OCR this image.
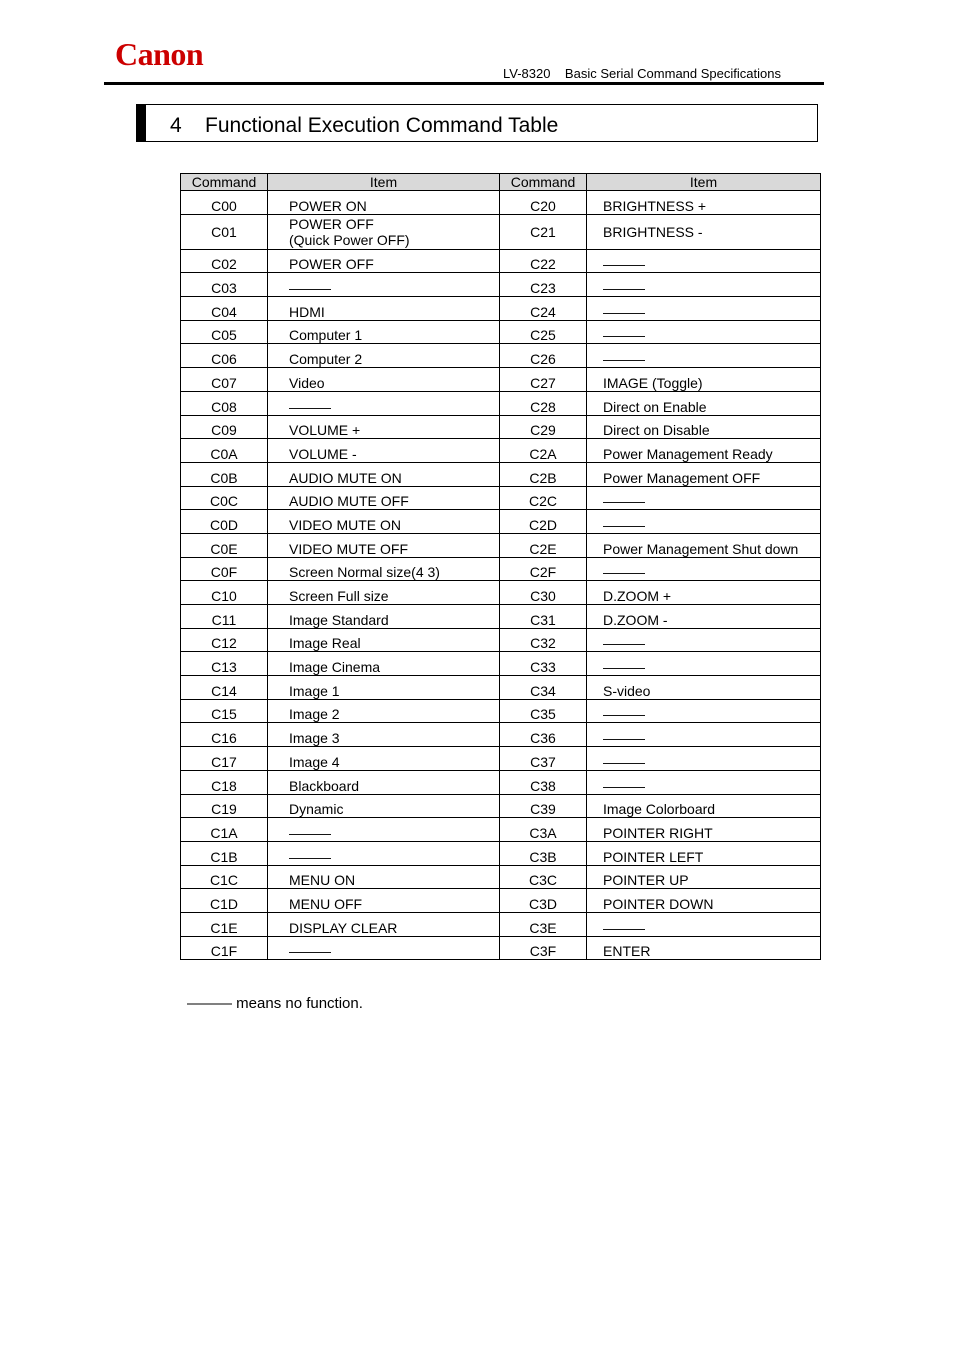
Canon
LV-8320    Basic Serial Command Specifications
4 Functional Execution Command Table
Command	Item	Command	Item

C00	POWER ON	C20	BRIGHTNESS +

C01	POWER OFF
(Quick Power OFF)	C21	BRIGHTNESS -

C02	POWER OFF	C22	———

C03	———	C23	———

C04	HDMI	C24	———

C05	Computer 1	C25	———

C06	Computer 2	C26	———

C07	Video	C27	IMAGE (Toggle)

C08	———	C28	Direct on Enable

C09	VOLUME +	C29	Direct on Disable

C0A	VOLUME -	C2A	Power Management Ready

C0B	AUDIO MUTE ON	C2B	Power Management OFF

C0C	AUDIO MUTE OFF	C2C	———

C0D	VIDEO MUTE ON	C2D	———

C0E	VIDEO MUTE OFF	C2E	Power Management Shut down

C0F	Screen Normal size(4 3)	C2F	———

C10	Screen Full size	C30	D.ZOOM +

C11	Image Standard	C31	D.ZOOM -

C12	Image Real	C32	———

C13	Image Cinema	C33	———

C14	Image 1	C34	S-video

C15	Image 2	C35	———

C16	Image 3	C36	———

C17	Image 4	C37	———

C18	Blackboard	C38	———

C19	Dynamic	C39	Image Colorboard

C1A	———	C3A	POINTER RIGHT

C1B	———	C3B	POINTER LEFT

C1C	MENU ON	C3C	POINTER UP

C1D	MENU OFF	C3D	POINTER DOWN

C1E	DISPLAY CLEAR	C3E	———

C1F	———	C3F	ENTER
——— means no function.
